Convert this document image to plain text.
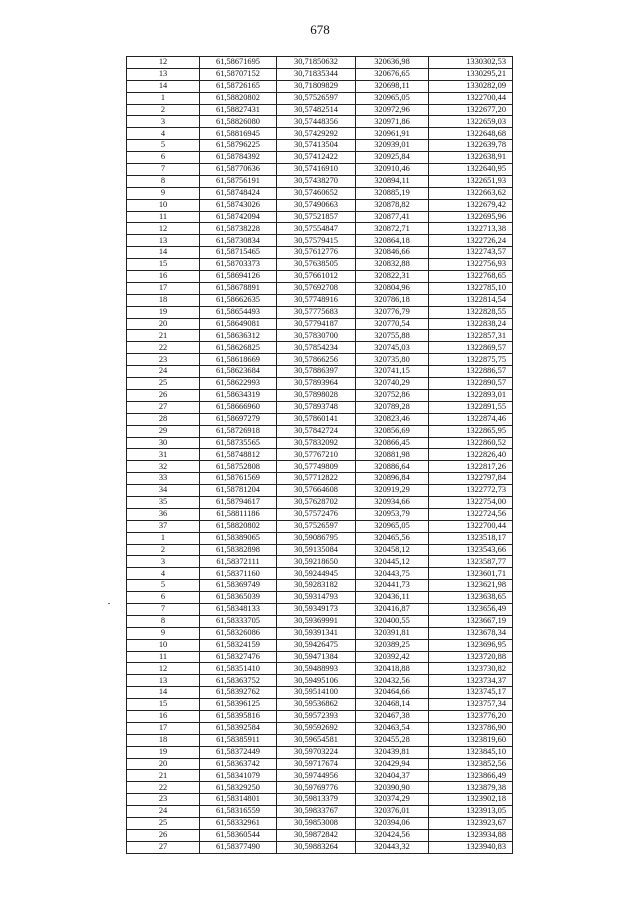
678
12	61,58671695	30,71850632	320636,98	1330302,53
13	61,58707152	30,71835344	320676,65	1330295,21
14	61,58726165	30,71809829	320698,11	1330282,09
1	61,58820802	30,57526597	320965,05	1322700,44
2	61,58827431	30,57482514	320972,96	1322677,20
3	61,58826080	30,57448356	320971,86	1322659,03
4	61,58816945	30,57429292	320961,91	1322648,68
5	61,58796225	30,57413504	320939,01	1322639,78
6	61,58784392	30,57412422	320925,84	1322638,91
7	61,58770636	30,57416910	320910,46	1322640,95
8	61,58756191	30,57438270	320894,11	1322651,93
9	61,58748424	30,57460652	320885,19	1322663,62
10	61,58743026	30,57490663	320878,82	1322679,42
11	61,58742094	30,57521857	320877,41	1322695,96
12	61,58738228	30,57554847	320872,71	1322713,38
13	61,58730834	30,57579415	320864,18	1322726,24
14	61,58715465	30,57612776	320846,66	1322743,57
15	61,58703373	30,57638505	320832,88	1322756,93
16	61,58694126	30,57661012	320822,31	1322768,65
17	61,58678891	30,57692708	320804,96	1322785,10
18	61,58662635	30,57748916	320786,18	1322814,54
19	61,58654493	30,57775683	320776,79	1322828,55
20	61,58649081	30,57794187	320770,54	1322838,24
21	61,58636312	30,57830700	320755,88	1322857,31
22	61,58626825	30,57854234	320745,03	1322869,57
23	61,58618669	30,57866256	320735,80	1322875,75
24	61,58623684	30,57886397	320741,15	1322886,57
25	61,58622993	30,57893964	320740,29	1322890,57
26	61,58634319	30,57898028	320752,86	1322893,01
27	61,58666960	30,57893748	320789,28	1322891,55
28	61,58697279	30,57860141	320823,46	1322874,46
29	61,58726918	30,57842724	320856,69	1322865,95
30	61,58735565	30,57832092	320866,45	1322860,52
31	61,58748812	30,57767210	320881,98	1322826,40
32	61,58752808	30,57749809	320886,64	1322817,26
33	61,58761569	30,57712822	320896,84	1322797,84
34	61,58781204	30,57664608	320919,29	1322772,73
35	61,58794617	30,57628702	320934,66	1322754,00
36	61,58811186	30,57572476	320953,79	1322724,56
37	61,58820802	30,57526597	320965,05	1322700,44
1	61,58389065	30,59086795	320465,56	1323518,17
2	61,58382898	30,59135084	320458,12	1323543,66
3	61,58372111	30,59218650	320445,12	1323587,77
4	61,58371160	30,59244945	320443,75	1323601,71
5	61,58369749	30,59283182	320441,73	1323621,98
6	61,58365039	30,59314793	320436,11	1323638,65
7	61,58348133	30,59349173	320416,87	1323656,49
8	61,58333705	30,59369991	320400,55	1323667,19
9	61,58326086	30,59391341	320391,81	1323678,34
10	61,58324159	30,59426475	320389,25	1323696,95
11	61,58327476	30,59471384	320392,42	1323720,88
12	61,58351410	30,59488993	320418,88	1323730,82
13	61,58363752	30,59495106	320432,56	1323734,37
14	61,58392762	30,59514100	320464,66	1323745,17
15	61,58396125	30,59536862	320468,14	1323757,34
16	61,58395816	30,59572393	320467,38	1323776,20
17	61,58392584	30,59592692	320463,54	1323786,90
18	61,58385911	30,59654581	320455,28	1323819,60
19	61,58372449	30,59703224	320439,81	1323845,10
20	61,58363742	30,59717674	320429,94	1323852,56
21	61,58341079	30,59744956	320404,37	1323866,49
22	61,58329250	30,59769776	320390,90	1323879,38
23	61,58314801	30,59813379	320374,29	1323902,18
24	61,58316559	30,59833767	320376,01	1323913,05
25	61,58332961	30,59853008	320394,06	1323923,67
26	61,58360544	30,59872842	320424,56	1323934,88
27	61,58377490	30,59883264	320443,32	1323940,83
